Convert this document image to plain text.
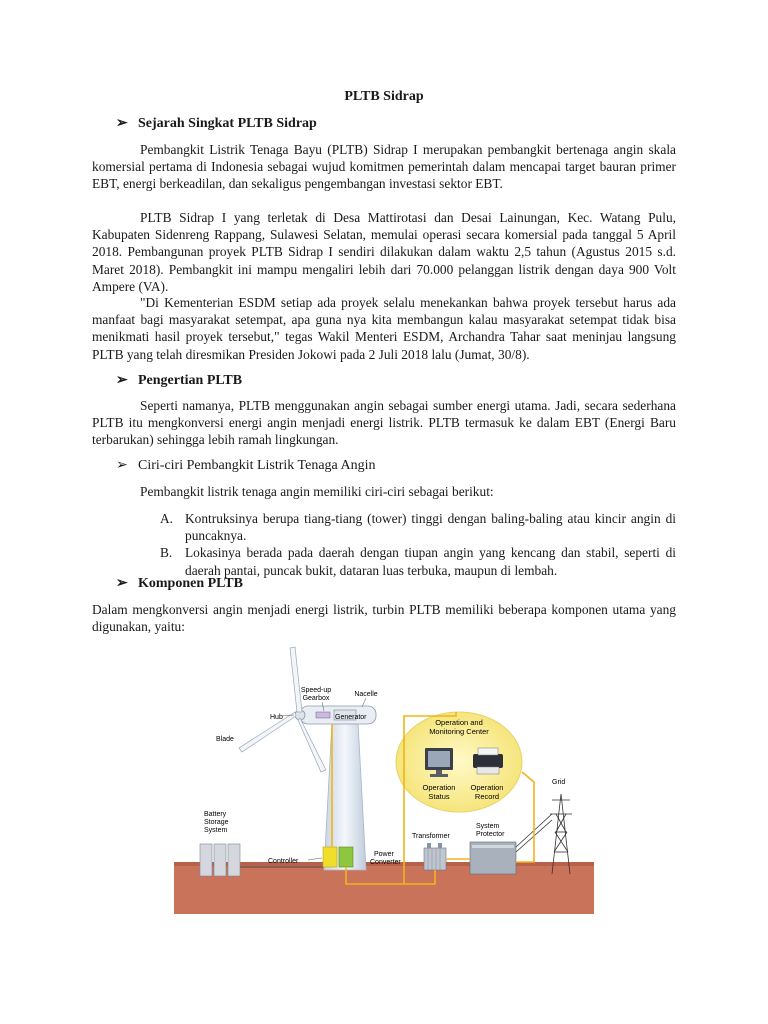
PLTB Sidrap
➢ Sejarah Singkat PLTB Sidrap
Pembangkit Listrik Tenaga Bayu (PLTB) Sidrap I merupakan pembangkit bertenaga angin skala komersial pertama di Indonesia sebagai wujud komitmen pemerintah dalam mencapai target bauran primer EBT, energi berkeadilan, dan sekaligus pengembangan investasi sektor EBT.
PLTB Sidrap I yang terletak di Desa Mattirotasi dan Desai Lainungan, Kec. Watang Pulu, Kabupaten Sidenreng Rappang, Sulawesi Selatan, memulai operasi secara komersial pada tanggal 5 April 2018. Pembangunan proyek PLTB Sidrap I sendiri dilakukan dalam waktu 2,5 tahun (Agustus 2015 s.d. Maret 2018). Pembangkit ini mampu mengaliri lebih dari 70.000 pelanggan listrik dengan daya 900 Volt Ampere (VA).
"Di Kementerian ESDM setiap ada proyek selalu menekankan bahwa proyek tersebut harus ada manfaat bagi masyarakat setempat, apa guna nya kita membangun kalau masyarakat setempat tidak bisa menikmati hasil proyek tersebut," tegas Wakil Menteri ESDM, Archandra Tahar saat meninjau langsung PLTB yang telah diresmikan Presiden Jokowi pada 2 Juli 2018 lalu (Jumat, 30/8).
➢ Pengertian PLTB
Seperti namanya, PLTB menggunakan angin sebagai sumber energi utama. Jadi, secara sederhana PLTB itu mengkonversi energi angin menjadi energi listrik. PLTB termasuk ke dalam EBT (Energi Baru terbarukan) sehingga lebih ramah lingkungan.
➢ Ciri-ciri Pembangkit Listrik Tenaga Angin
Pembangkit listrik tenaga angin memiliki ciri-ciri sebagai berikut:
A. Kontruksinya berupa tiang-tiang (tower) tinggi dengan baling-baling atau kincir angin di puncaknya.
B. Lokasinya berada pada daerah dengan tiupan angin yang kencang dan stabil, seperti di daerah pantai, puncak bukit, dataran luas terbuka, maupun di lembah.
➢ Komponen PLTB
Dalam mengkonversi angin menjadi energi listrik, turbin PLTB memiliki beberapa komponen utama yang digunakan, yaitu:
Operation and
Monitoring Center
Operation
Status
Operation
Record
Speed-up
Gearbox
Nacelle
Hub	Generator
Blade
Controller
Power
Converter
Battery
Storage
System
Transformer
System
Protector
Grid
